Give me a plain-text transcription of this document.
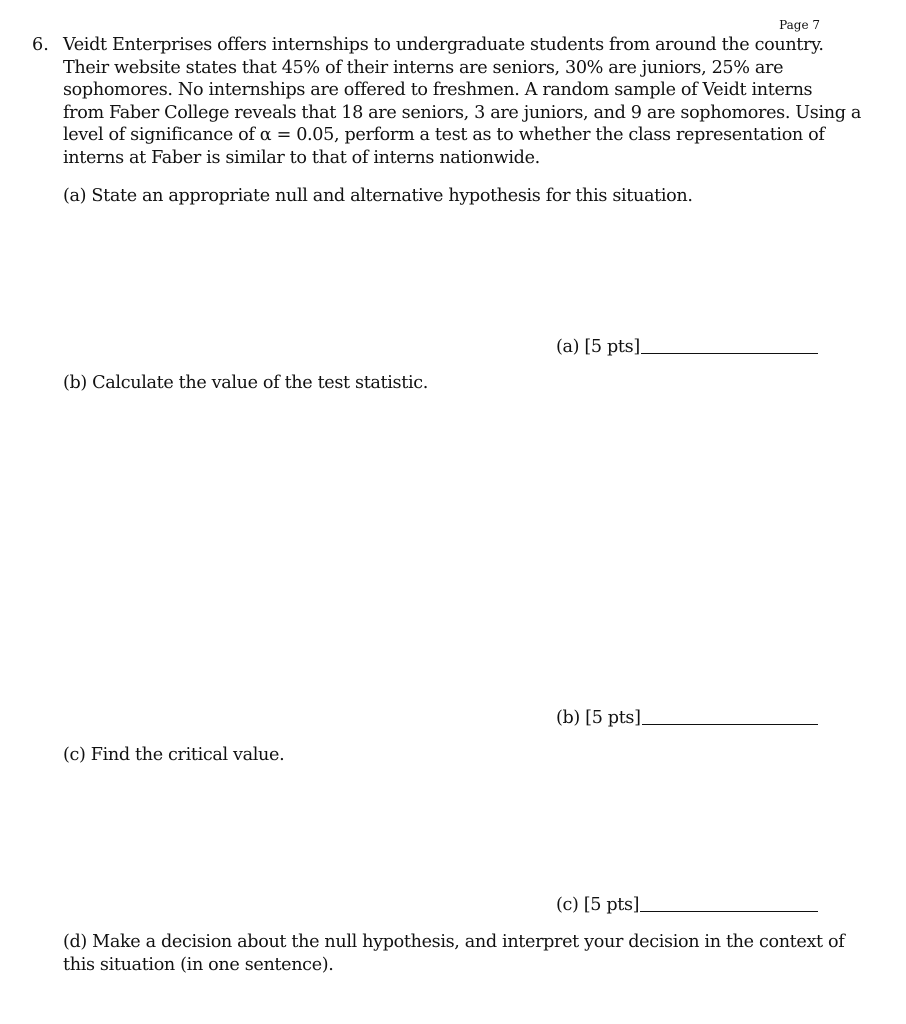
Page 7
6. Veidt Enterprises offers internships to undergraduate students from around the country.
Their website states that 45% of their interns are seniors, 30% are juniors, 25% are
sophomores. No internships are offered to freshmen. A random sample of Veidt interns
from Faber College reveals that 18 are seniors, 3 are juniors, and 9 are sophomores. Using a
level of significance of α = 0.05, perform a test as to whether the class representation of
interns at Faber is similar to that of interns nationwide.
(a) State an appropriate null and alternative hypothesis for this situation.
(a) [5 pts]
(b) Calculate the value of the test statistic.
(b) [5 pts]
(c) Find the critical value.
(c) [5 pts]
(d) Make a decision about the null hypothesis, and interpret your decision in the context of
this situation (in one sentence).
